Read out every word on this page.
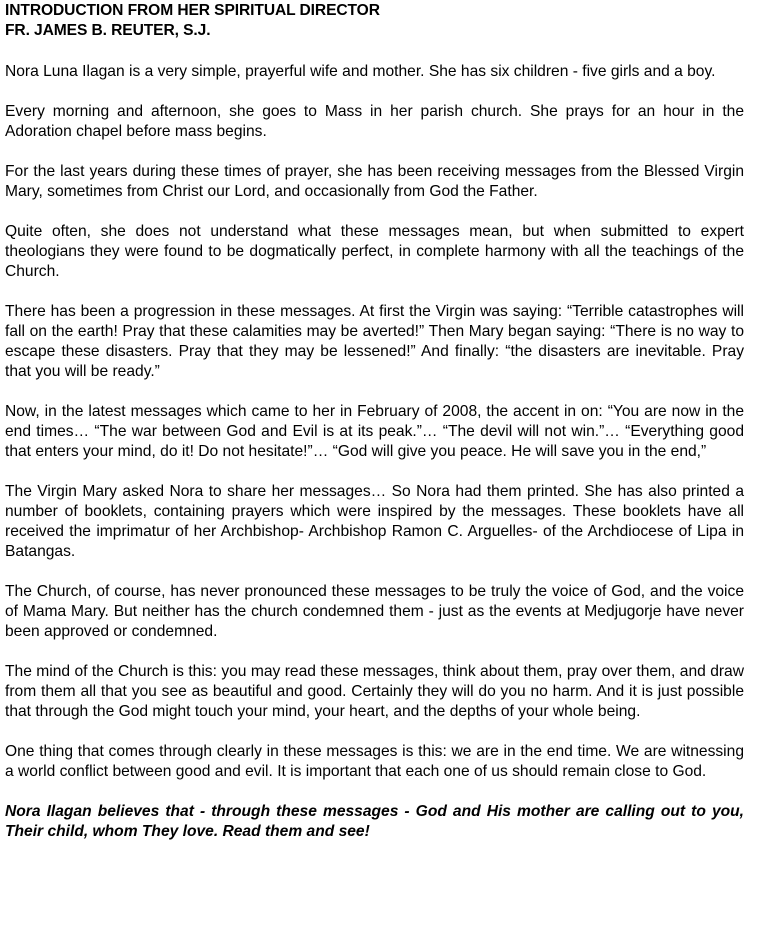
INTRODUCTION FROM HER SPIRITUAL DIRECTOR
FR. JAMES B. REUTER, S.J.

Nora Luna Ilagan is a very simple, prayerful wife and mother. She has six children - five girls and a boy.

Every morning and afternoon, she goes to Mass in her parish church. She prays for an hour in the Adoration chapel before mass begins.

For the last years during these times of prayer, she has been receiving messages from the Blessed Virgin Mary, sometimes from Christ our Lord, and occasionally from God the Father.

Quite often, she does not understand what these messages mean, but when submitted to expert theologians they were found to be dogmatically perfect, in complete harmony with all the teachings of the Church.

There has been a progression in these messages. At first the Virgin was saying: “Terrible catastrophes will fall on the earth! Pray that these calamities may be averted!” Then Mary began saying: “There is no way to escape these disasters. Pray that they may be lessened!” And finally: “the disasters are inevitable. Pray that you will be ready.”

Now, in the latest messages which came to her in February of 2008, the accent in on: “You are now in the end times… “The war between God and Evil is at its peak.”… “The devil will not win.”… “Everything good that enters your mind, do it! Do not hesitate!”… “God will give you peace. He will save you in the end,”

The Virgin Mary asked Nora to share her messages… So Nora had them printed. She has also printed a number of booklets, containing prayers which were inspired by the messages. These booklets have all received the imprimatur of her Archbishop- Archbishop Ramon C. Arguelles- of the Archdiocese of Lipa in Batangas.

The Church, of course, has never pronounced these messages to be truly the voice of God, and the voice of Mama Mary. But neither has the church condemned them - just as the events at Medjugorje have never been approved or condemned.

The mind of the Church is this: you may read these messages, think about them, pray over them, and draw from them all that you see as beautiful and good. Certainly they will do you no harm. And it is just possible that through the God might touch your mind, your heart, and the depths of your whole being.

One thing that comes through clearly in these messages is this: we are in the end time. We are witnessing a world conflict between good and evil. It is important that each one of us should remain close to God.

Nora Ilagan believes that - through these messages - God and His mother are calling out to you, Their child, whom They love. Read them and see!
